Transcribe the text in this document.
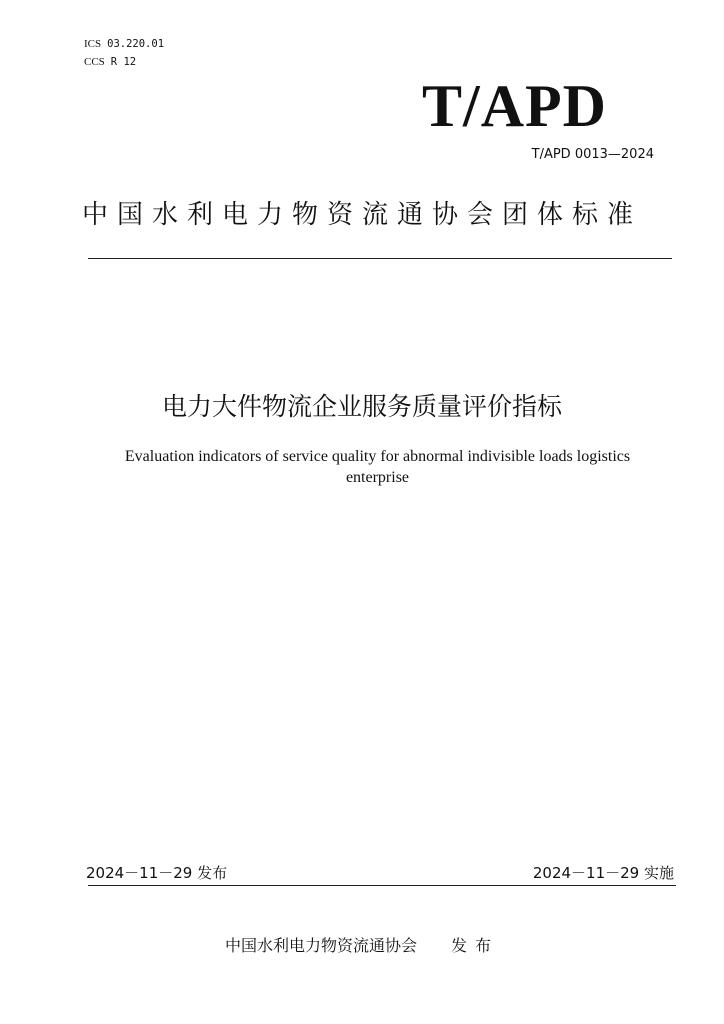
ICS 03.220.01
CCS R 12
T/APD
T/APD 0013—2024
中国水利电力物资流通协会团体标准
电力大件物流企业服务质量评价指标
Evaluation indicators of service quality for abnormal indivisible loads logistics enterprise
2024－11－29 发布	2024－11－29 实施
中国水利电力物资流通协会 发布
